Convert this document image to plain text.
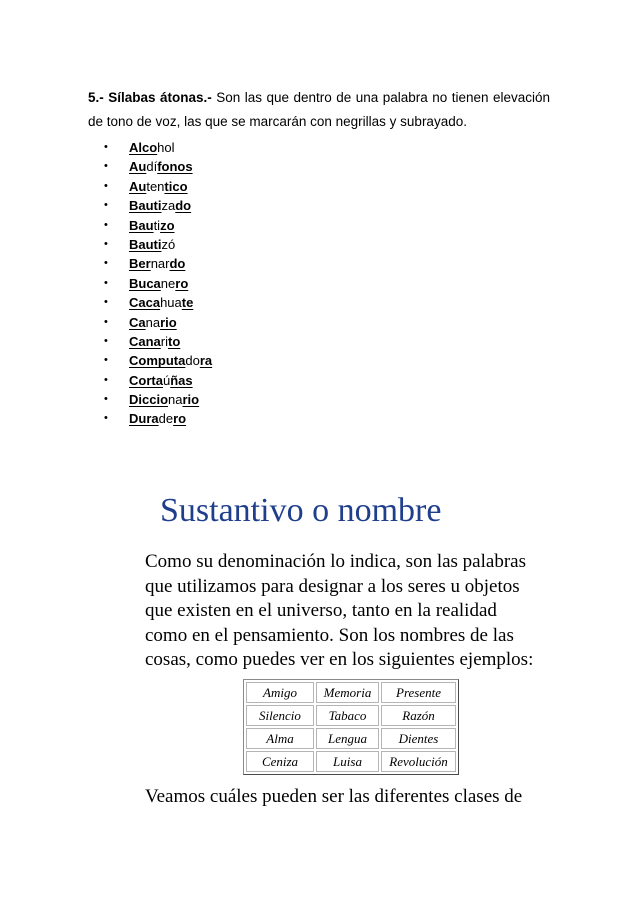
5.- Sílabas átonas.- Son las que dentro de una palabra no tienen elevación de tono de voz, las que se marcarán con negrillas y subrayado.

• Alcohol
• Audífonos
• Autentico
• Bautizado
• Bautizo
• Bautizó
• Bernardo
• Bucanero
• Cacahuate
• Canario
• Canarito
• Computadora
• Cortaúñas
• Diccionario
• Duradero
Sustantivo o nombre
Como su denominación lo indica, son las palabras
que utilizamos para designar a los seres u objetos
que existen en el universo, tanto en la realidad
como en el pensamiento. Son los nombres de las
cosas, como puedes ver en los siguientes ejemplos:
Amigo	Memoria	Presente
Silencio	Tabaco	Razón
Alma	Lengua	Dientes
Ceniza	Luisa	Revolución
Veamos cuáles pueden ser las diferentes clases de
